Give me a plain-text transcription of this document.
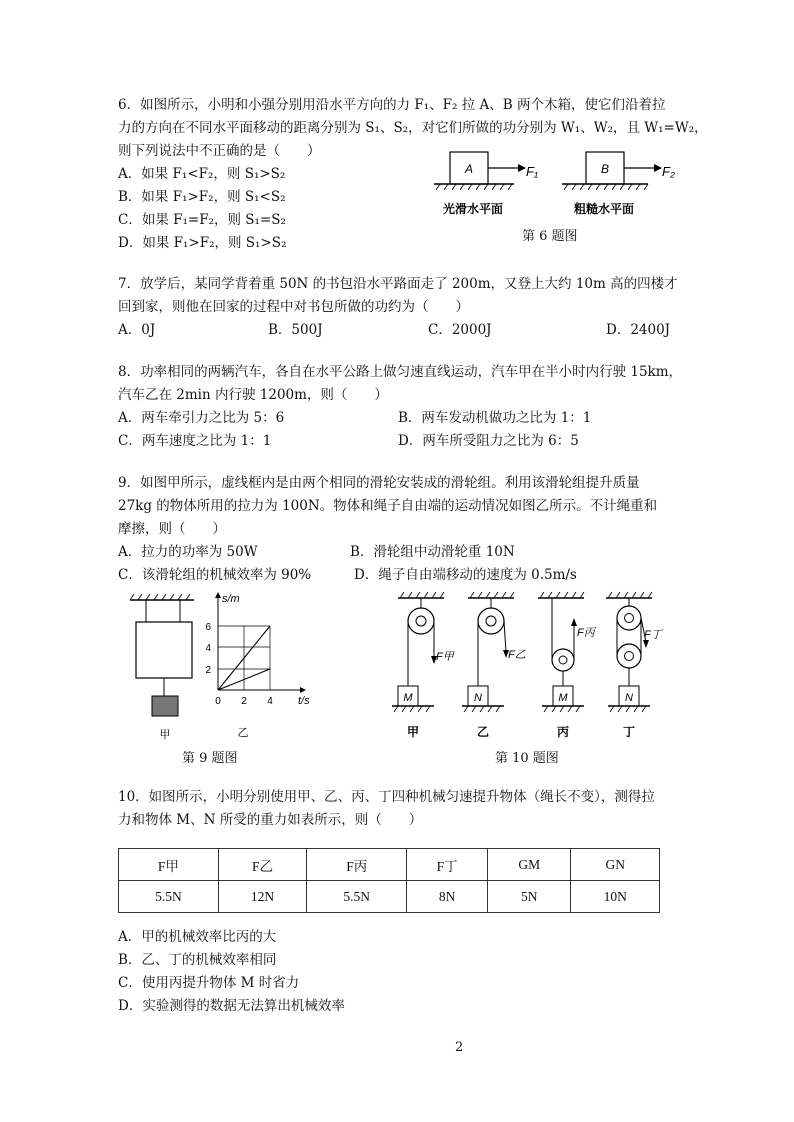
6．如图所示，小明和小强分别用沿水平方向的力 F₁、F₂ 拉 A、B 两个木箱，使它们沿着拉
力的方向在不同水平面移动的距离分别为 S₁、S₂，对它们所做的功分别为 W₁、W₂，且 W₁=W₂，
则下列说法中不正确的是（　　）
A．如果 F₁<F₂，则 S₁>S₂
B．如果 F₁>F₂，则 S₁<S₂
C．如果 F₁=F₂，则 S₁=S₂
D．如果 F₁>F₂，则 S₁>S₂
A	F₁
光滑水平面
B	F₂
粗糙水平面
第 6 题图
7．放学后，某同学背着重 50N 的书包沿水平路面走了 200m，又登上大约 10m 高的四楼才
回到家，则他在回家的过程中对书包所做的功约为（　　）
A．0J	B．500J	C．2000J	D．2400J
8．功率相同的两辆汽车，各自在水平公路上做匀速直线运动，汽车甲在半小时内行驶 15km，
汽车乙在 2min 内行驶 1200m，则（　　）
A．两车牵引力之比为 5：6	B．两车发动机做功之比为 1：1
C．两车速度之比为 1：1	D．两车所受阻力之比为 6：5
9．如图甲所示，虚线框内是由两个相同的滑轮安装成的滑轮组。利用该滑轮组提升质量
27kg 的物体所用的拉力为 100N。物体和绳子自由端的运动情况如图乙所示。不计绳重和
摩擦，则（　　）
A．拉力的功率为 50W	B．滑轮组中动滑轮重 10N
C．该滑轮组的机械效率为 90%	D．绳子自由端移动的速度为 0.5m/s
甲
s/m
t/s
2
4
6
0 2 4
乙
第 9 题图
F甲
M
甲
F乙
N
乙
F丙
M
丙
F丁
N
丁
第 10 题图
10．如图所示，小明分别使用甲、乙、丙、丁四种机械匀速提升物体（绳长不变），测得拉
力和物体 M、N 所受的重力如表所示，则（　　）
F甲	F乙	F丙	F丁	GM	GN
5.5N	12N	5.5N	8N	5N	10N
A．甲的机械效率比丙的大
B．乙、丁的机械效率相同
C．使用丙提升物体 M 时省力
D．实验测得的数据无法算出机械效率
2
